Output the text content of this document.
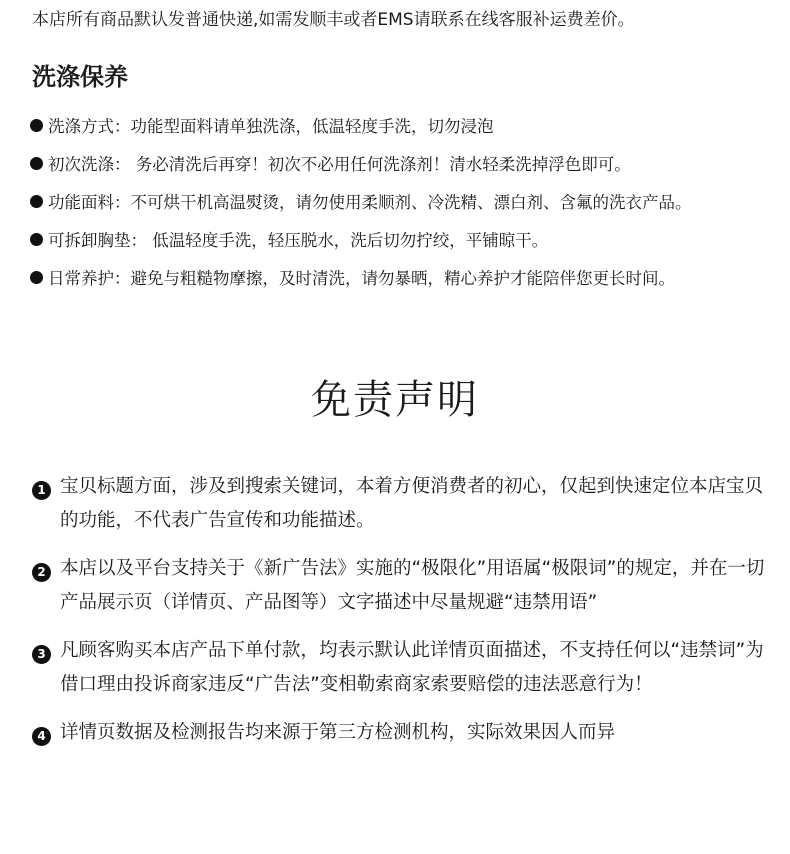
本店所有商品默认发普通快递,如需发顺丰或者EMS请联系在线客服补运费差价。

洗涤保养
洗涤方式：功能型面料请单独洗涤，低温轻度手洗，切勿浸泡
初次洗涤： 务必清洗后再穿！初次不必用任何洗涤剂！清水轻柔洗掉浮色即可。
功能面料：不可烘干机高温熨烫，请勿使用柔顺剂、冷洗精、漂白剂、含氟的洗衣产品。
可拆卸胸垫： 低温轻度手洗，轻压脱水，洗后切勿拧绞，平铺晾干。
日常养护：避免与粗糙物摩擦，及时清洗，请勿暴晒，精心养护才能陪伴您更长时间。
免责声明
1 宝贝标题方面，涉及到搜索关键词，本着方便消费者的初心，仅起到快速定位本店宝贝的功能，不代表广告宣传和功能描述。
2 本店以及平台支持关于《新广告法》实施的“极限化”用语属“极限词”的规定，并在一切产品展示页（详情页、产品图等）文字描述中尽量规避“违禁用语”
3 凡顾客购买本店产品下单付款，均表示默认此详情页面描述，不支持任何以“违禁词”为借口理由投诉商家违反“广告法”变相勒索商家索要赔偿的违法恶意行为！
4 详情页数据及检测报告均来源于第三方检测机构，实际效果因人而异
